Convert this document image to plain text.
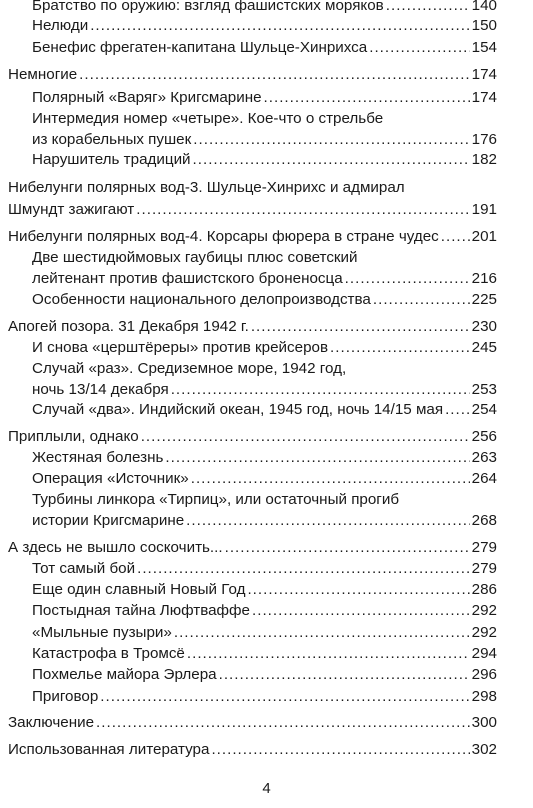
Братство по оружию: взгляд фашистских моряков .....	140
Нелюди .....	150
Бенефис фрегатен-капитана Шульце-Хинрихса .....	154
Немногие .....	174
Полярный «Варяг» Кригсмарине .....	174
Интермедия номер «четыре». Кое-что о стрельбе
из корабельных пушек .....	176
Нарушитель традиций .....	182
Нибелунги полярных вод-3. Шульце-Хинрихс и адмирал
Шмундт зажигают .....	191
Нибелунги полярных вод-4. Корсары фюрера в стране чудес ..... 201
Две шестидюймовых гаубицы плюс советский
лейтенант против фашистского броненосца .....	216
Особенности национального делопроизводства .....	225
Апогей позора. 31 Декабря 1942 г. .....	230
И снова «церштёреры» против крейсеров .....	245
Случай «раз». Средиземное море, 1942 год,
ночь 13/14 декабря .....	253
Случай «два». Индийский океан, 1945 год, ночь 14/15 мая ..... 254
Приплыли, однако .....	256
Жестяная болезнь .....	263
Операция «Источник» .....	264
Турбины линкора «Тирпиц», или остаточный прогиб
истории Кригсмарине .....	268
А здесь не вышло соскочить... .....	279
Тот самый бой .....	279
Еще один славный Новый Год .....	286
Постыдная тайна Люфтваффе .....	292
«Мыльные пузыри» .....	292
Катастрофа в Тромсё .....	294
Похмелье майора Эрлера .....	296
Приговор .....	298
Заключение .....	300
Использованная литература .....	302
4
